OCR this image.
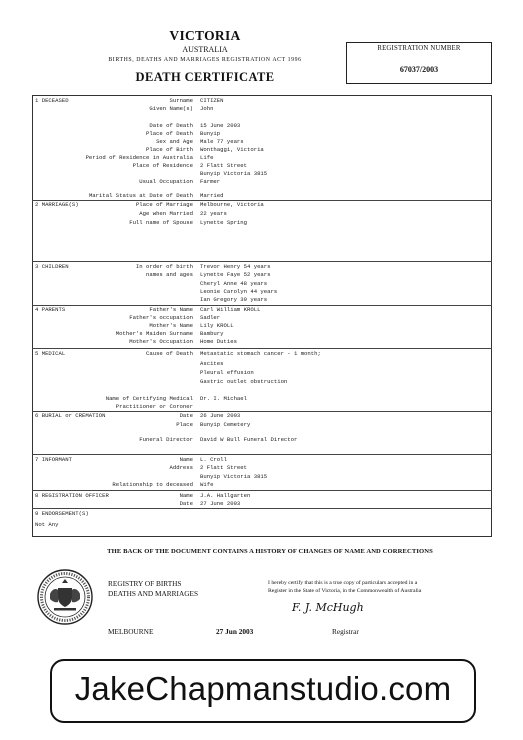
VICTORIA
AUSTRALIA
BIRTHS, DEATHS AND MARRIAGES REGISTRATION ACT 1996
DEATH CERTIFICATE
REGISTRATION NUMBER
67037/2003
1 DECEASED	Surname CITIZEN
Given Name(s) John
Date of Death 15 June 2003
Place of Death Bunyip
Sex and Age Male 77 years
Place of Birth Wonthaggi, Victoria
Period of Residence in Australia Life
Place of Residence 2 Flatt Street
Bunyip Victoria 3815
Usual Occupation Farmer
Marital Status at Date of Death Married
2 MARRIAGE(S)	Place of Marriage Melbourne, Victoria
Age when Married 22 years
Full name of Spouse Lynette Spring
3 CHILDREN	In order of birth
names and ages
Trevor Henry 54 years
Lynette Faye 52 years
Cheryl Anne 48 years
Leonie Carolyn 44 years
Ian Gregory 39 years
4 PARENTS	Father's Name Carl William KROLL
Father's occupation Sadler
Mother's Name Lily KROLL
Mother's Maiden Surname Bambury
Mother's Occupation Home Duties
5 MEDICAL	Cause of Death Metastatic stomach cancer - 1 month;
Ascites
Pleural effusion
Gastric outlet obstruction
Name of Certifying Medical
Practitioner or Coroner
Dr. I. Michael
6 BURIAL or CREMATION	Date 26 June 2003
Place Bunyip Cemetery
Funeral Director David W Bull Funeral Director
7 INFORMANT	Name L. Croll
Address 2 Flatt Street
Bunyip Victoria 3815
Relationship to deceased Wife
8 REGISTRATION OFFICER	Name J.A. Hallgarten
Date 27 June 2003
9 ENDORSEMENT(S)
Not Any
THE BACK OF THE DOCUMENT CONTAINS A HISTORY OF CHANGES OF NAME AND CORRECTIONS
REGISTRY OF BIRTHS
DEATHS AND MARRIAGES
I hereby certify that this is a true copy of particulars accepted in a
Register in the State of Victoria, in the Commonwealth of Australia
F. J. McHugh
MELBOURNE	27 Jun 2003	Registrar
JakeChapmanstudio.com
